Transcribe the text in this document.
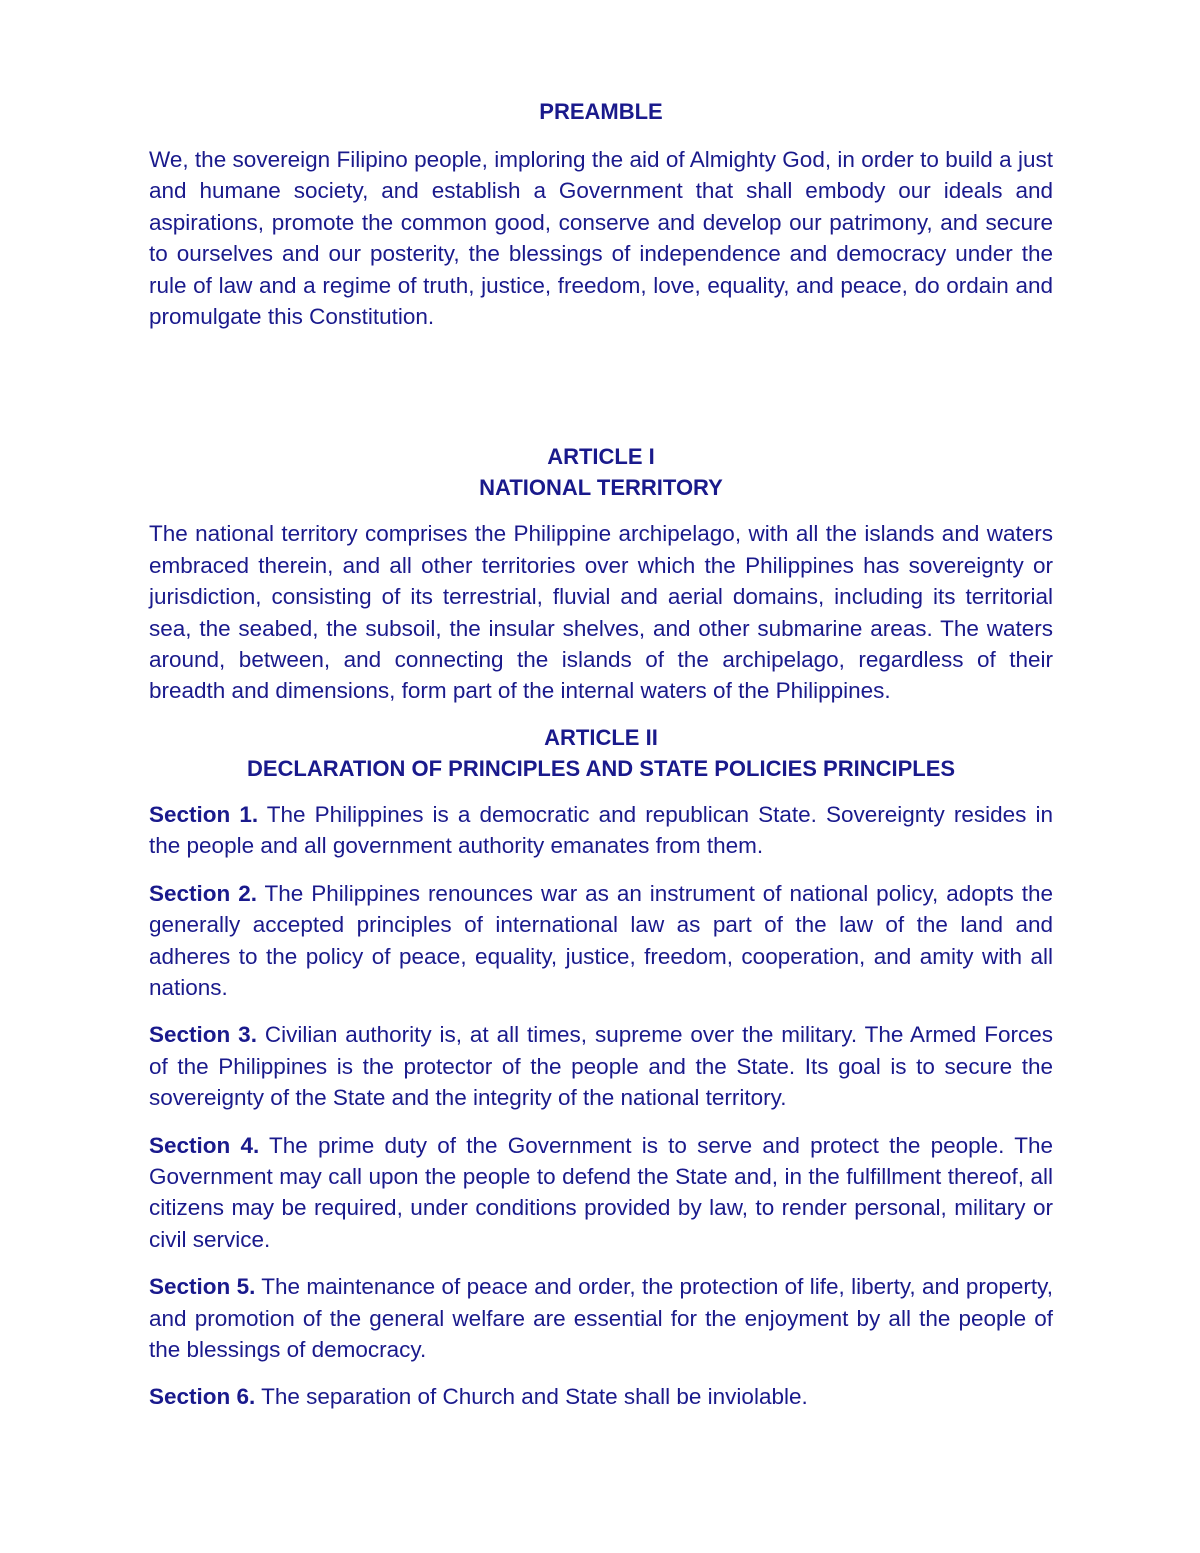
PREAMBLE

We, the sovereign Filipino people, imploring the aid of Almighty God, in order to build a just and humane society, and establish a Government that shall embody our ideals and aspirations, promote the common good, conserve and develop our patrimony, and secure to ourselves and our posterity, the blessings of independence and democracy under the rule of law and a regime of truth, justice, freedom, love, equality, and peace, do ordain and promulgate this Constitution.

ARTICLE I
NATIONAL TERRITORY

The national territory comprises the Philippine archipelago, with all the islands and waters embraced therein, and all other territories over which the Philippines has sovereignty or jurisdiction, consisting of its terrestrial, fluvial and aerial domains, including its territorial sea, the seabed, the subsoil, the insular shelves, and other submarine areas. The waters around, between, and connecting the islands of the archipelago, regardless of their breadth and dimensions, form part of the internal waters of the Philippines.

ARTICLE II
DECLARATION OF PRINCIPLES AND STATE POLICIES PRINCIPLES

Section 1. The Philippines is a democratic and republican State. Sovereignty resides in the people and all government authority emanates from them.

Section 2. The Philippines renounces war as an instrument of national policy, adopts the generally accepted principles of international law as part of the law of the land and adheres to the policy of peace, equality, justice, freedom, cooperation, and amity with all nations.

Section 3. Civilian authority is, at all times, supreme over the military. The Armed Forces of the Philippines is the protector of the people and the State. Its goal is to secure the sovereignty of the State and the integrity of the national territory.

Section 4. The prime duty of the Government is to serve and protect the people. The Government may call upon the people to defend the State and, in the fulfillment thereof, all citizens may be required, under conditions provided by law, to render personal, military or civil service.

Section 5. The maintenance of peace and order, the protection of life, liberty, and property, and promotion of the general welfare are essential for the enjoyment by all the people of the blessings of democracy.

Section 6. The separation of Church and State shall be inviolable.
